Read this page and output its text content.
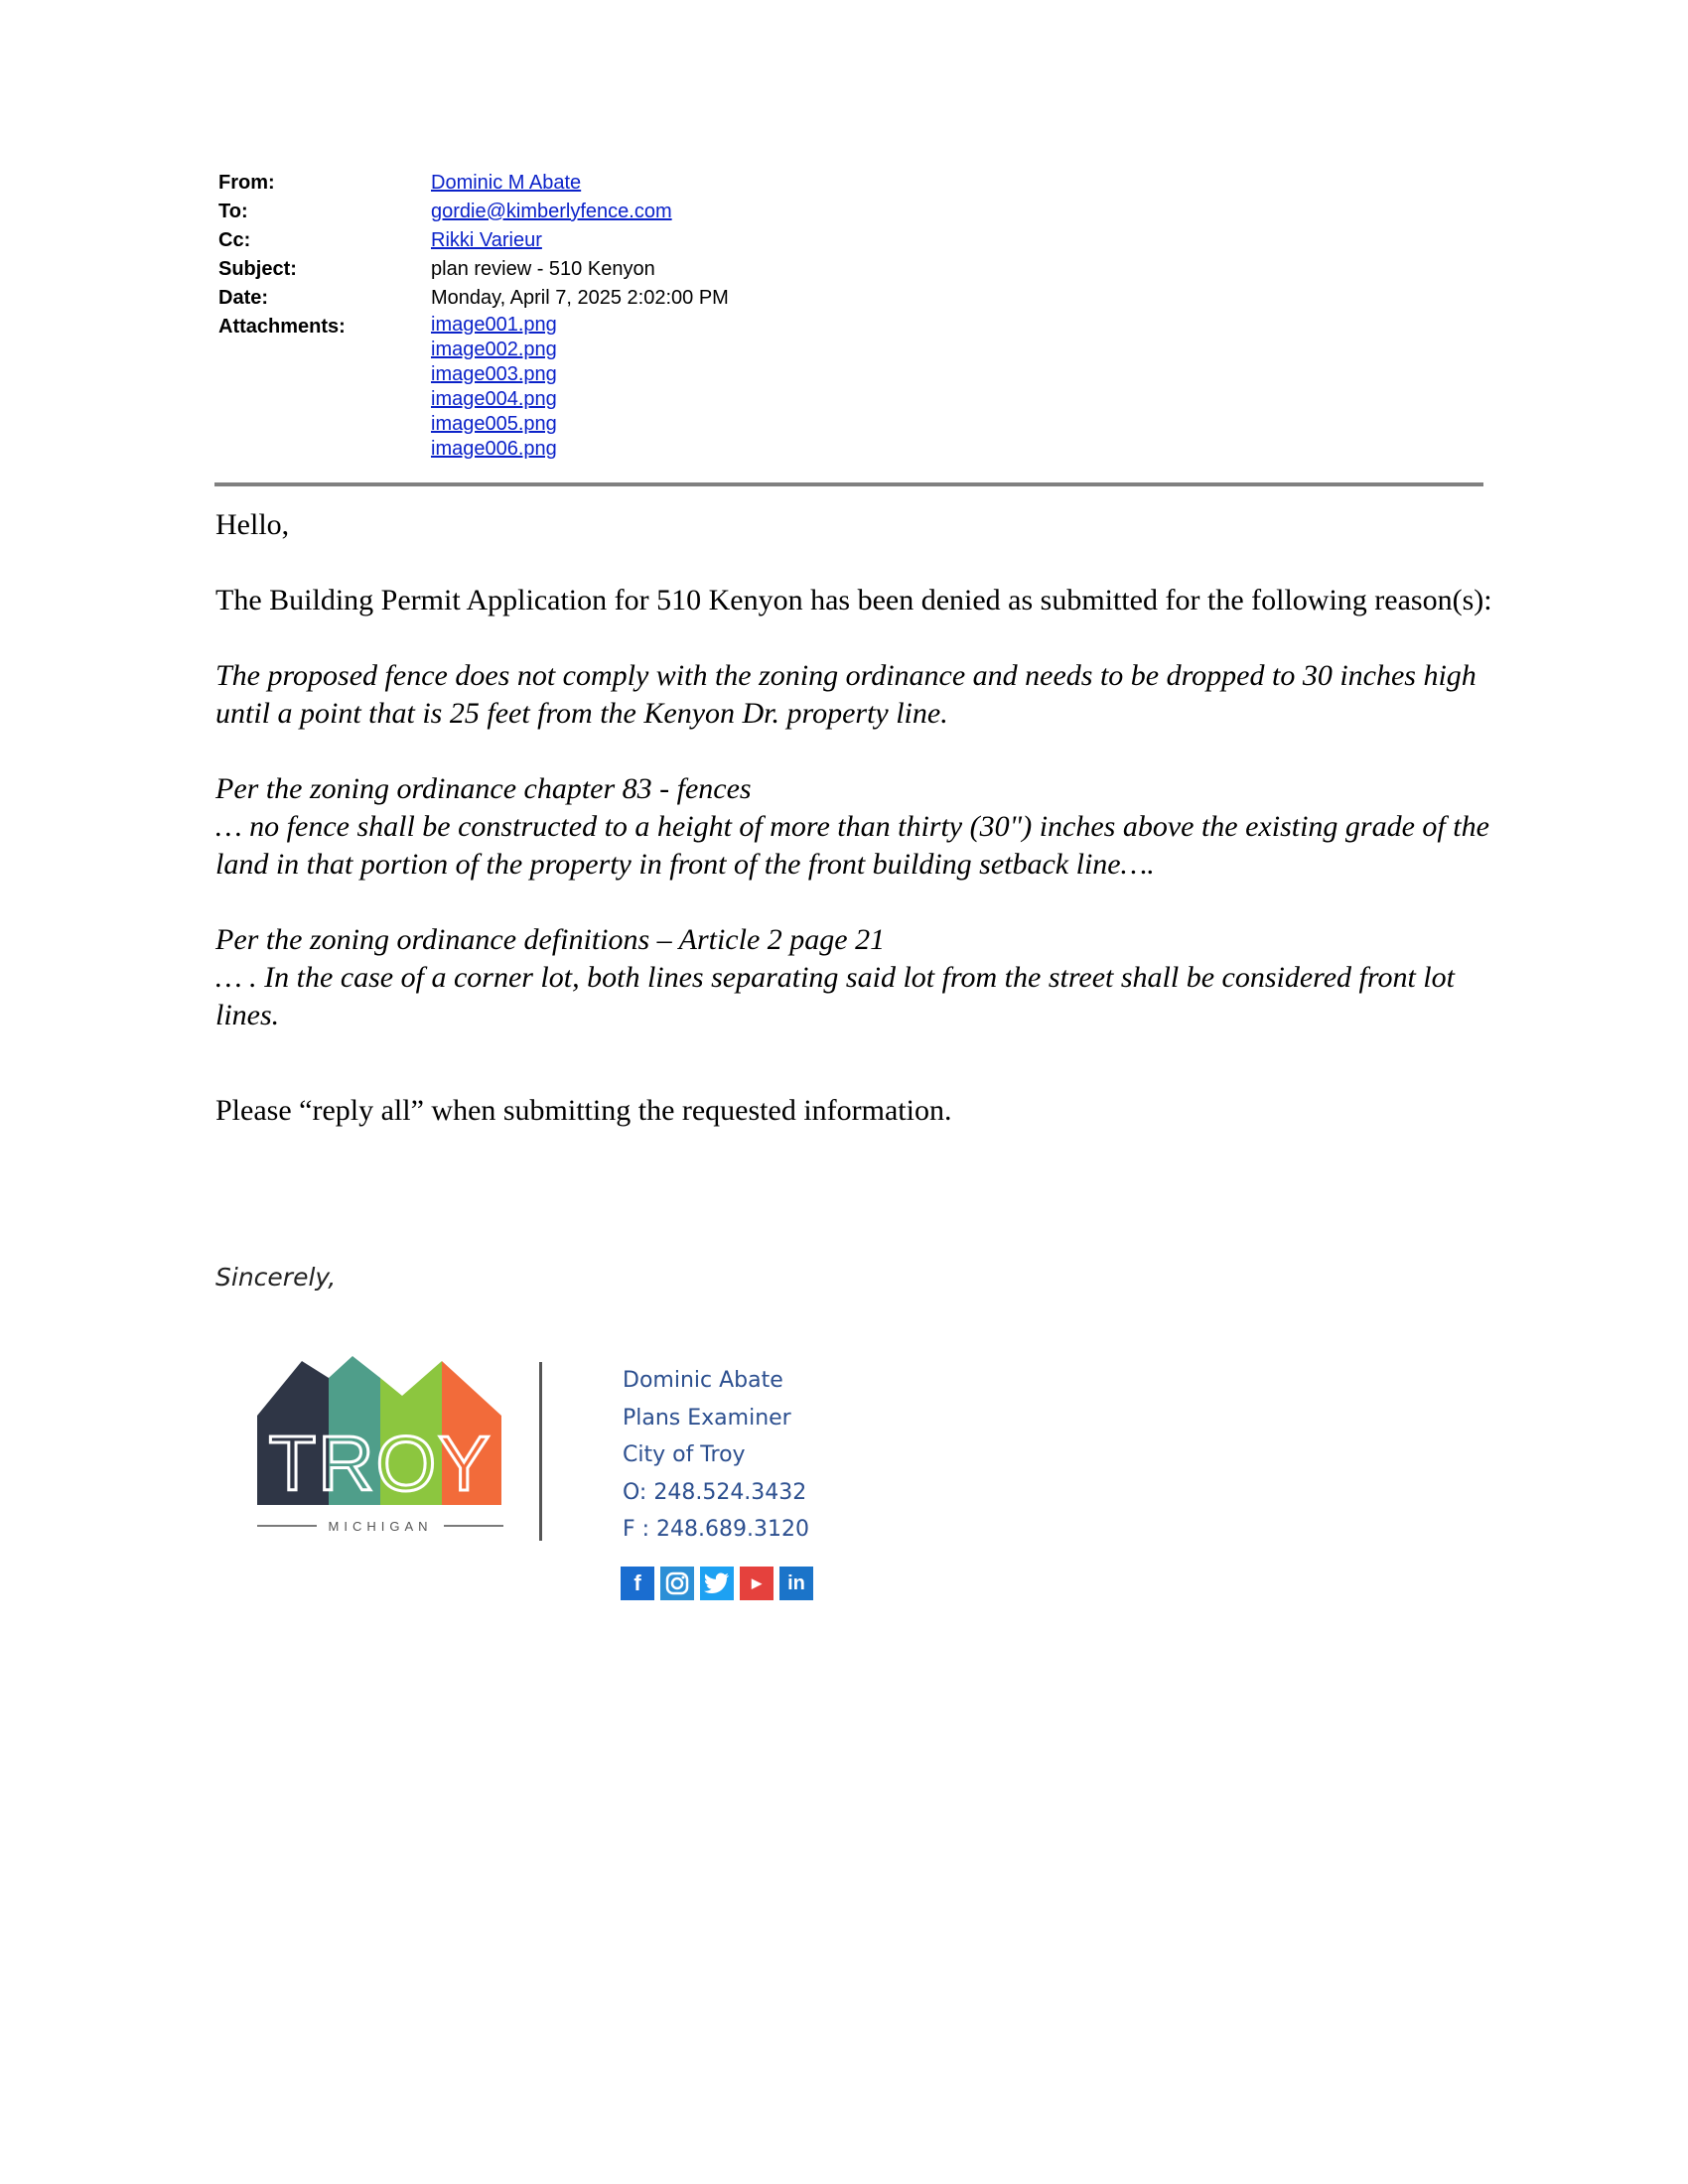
From:	Dominic M Abate
To:	gordie@kimberlyfence.com
Cc:	Rikki Varieur
Subject:	plan review - 510 Kenyon
Date:	Monday, April 7, 2025 2:02:00 PM
Attachments:	image001.png
image002.png
image003.png
image004.png
image005.png
image006.png

Hello,

The Building Permit Application for 510 Kenyon has been denied as submitted for the following reason(s):

The proposed fence does not comply with the zoning ordinance and needs to be dropped to 30 inches high until a point that is 25 feet from the Kenyon Dr. property line.

Per the zoning ordinance chapter 83 - fences

… no fence shall be constructed to a height of more than thirty (30") inches above the existing grade of the land in that portion of the property in front of the front building setback line….

Per the zoning ordinance definitions – Article 2 page 21

… . In the case of a corner lot, both lines separating said lot from the street shall be considered front lot lines.

Please “reply all” when submitting the requested information.

Sincerely,
TROY
MICHIGAN
Dominic Abate
Plans Examiner
City of Troy
O: 248.524.3432
F : 248.689.3120
f	▶	in
